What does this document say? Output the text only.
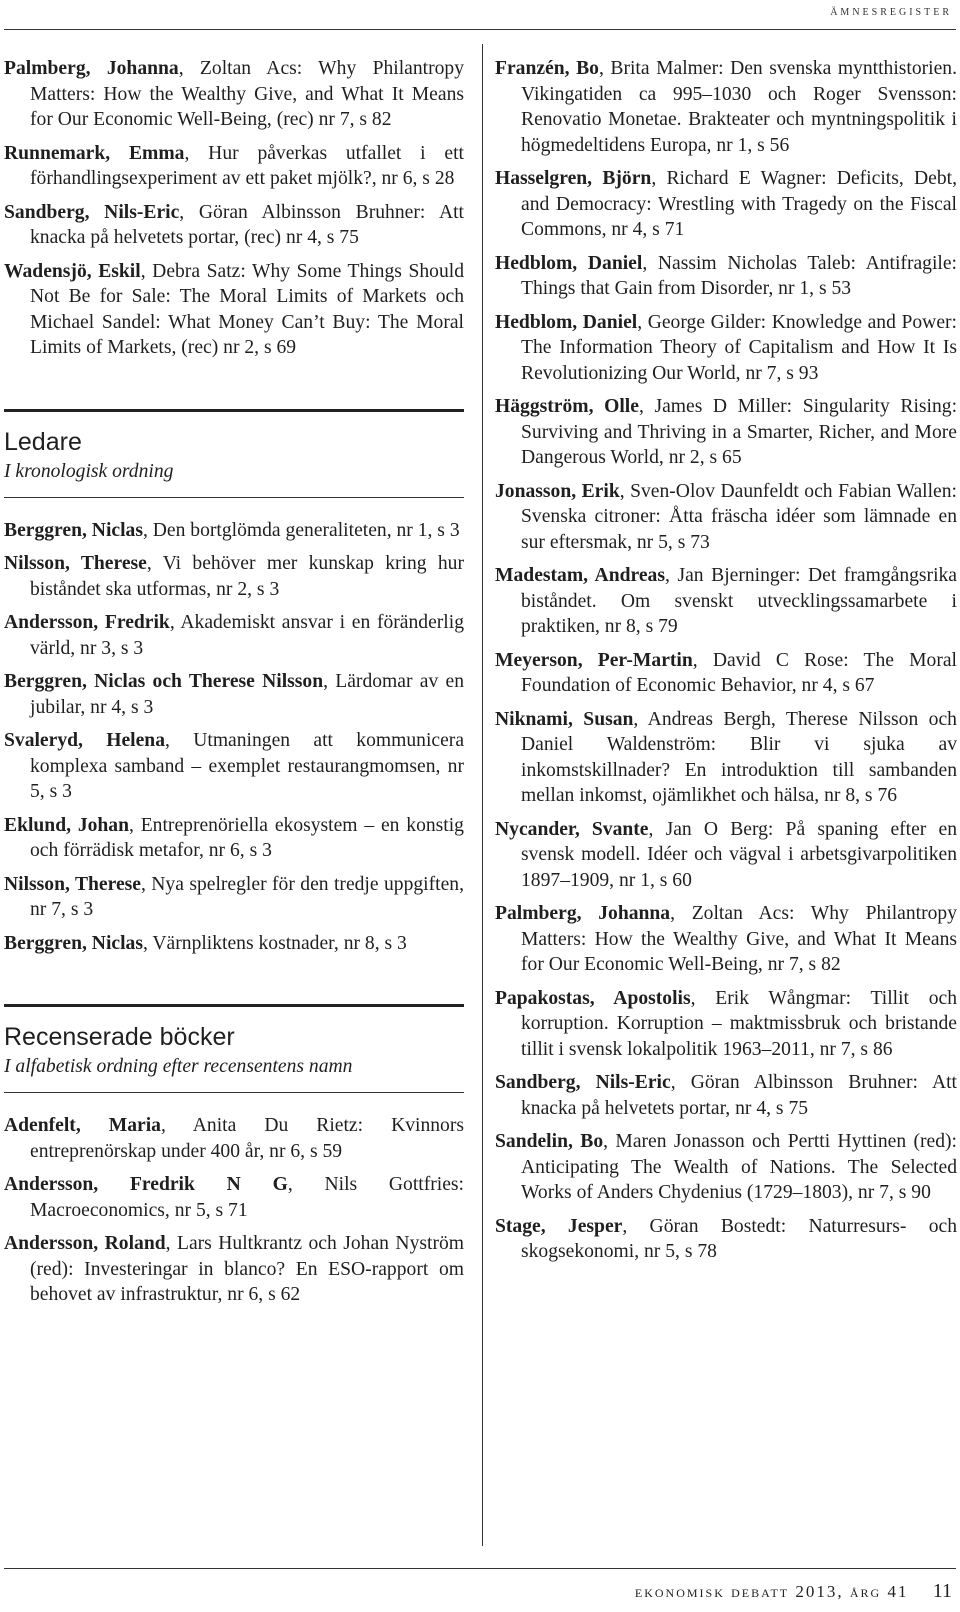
ämnesregister

Palmberg, Johanna, Zoltan Acs: Why Philantropy Matters: How the Wealthy Give, and What It Means for Our Economic Well-Being, (rec) nr 7, s 82

Runnemark, Emma, Hur påverkas utfallet i ett förhandlingsexperiment av ett paket mjölk?, nr 6, s 28

Sandberg, Nils-Eric, Göran Albinsson Bruhner: Att knacka på helvetets portar, (rec) nr 4, s 75

Wadensjö, Eskil, Debra Satz: Why Some Things Should Not Be for Sale: The Moral Limits of Markets och Michael Sandel: What Money Can’t Buy: The Moral Limits of Markets, (rec) nr 2, s 69

Ledare
I kronologisk ordning

Berggren, Niclas, Den bortglömda generaliteten, nr 1, s 3

Nilsson, Therese, Vi behöver mer kunskap kring hur biståndet ska utformas, nr 2, s 3

Andersson, Fredrik, Akademiskt ansvar i en föränderlig värld, nr 3, s 3

Berggren, Niclas och Therese Nilsson, Lärdomar av en jubilar, nr 4, s 3

Svaleryd, Helena, Utmaningen att kommunicera komplexa samband – exemplet restaurangmomsen, nr 5, s 3

Eklund, Johan, Entreprenöriella ekosystem – en konstig och förrädisk metafor, nr 6, s 3

Nilsson, Therese, Nya spelregler för den tredje uppgiften, nr 7, s 3

Berggren, Niclas, Värnpliktens kostnader, nr 8, s 3

Recenserade böcker
I alfabetisk ordning efter recensentens namn

Adenfelt, Maria, Anita Du Rietz: Kvinnors entreprenörskap under 400 år, nr 6, s 59

Andersson, Fredrik N G, Nils Gottfries: Macroeconomics, nr 5, s 71

Andersson, Roland, Lars Hultkrantz och Johan Nyström (red): Investeringar in blanco? En ESO-rapport om behovet av infrastruktur, nr 6, s 62

Franzén, Bo, Brita Malmer: Den svenska myntthistorien. Vikingatiden ca 995–1030 och Roger Svensson: Renovatio Monetae. Brakteater och myntningspolitik i högmedeltidens Europa, nr 1, s 56

Hasselgren, Björn, Richard E Wagner: Deficits, Debt, and Democracy: Wrestling with Tragedy on the Fiscal Commons, nr 4, s 71

Hedblom, Daniel, Nassim Nicholas Taleb: Antifragile: Things that Gain from Disorder, nr 1, s 53

Hedblom, Daniel, George Gilder: Knowledge and Power: The Information Theory of Capitalism and How It Is Revolutionizing Our World, nr 7, s 93

Häggström, Olle, James D Miller: Singularity Rising: Surviving and Thriving in a Smarter, Richer, and More Dangerous World, nr 2, s 65

Jonasson, Erik, Sven-Olov Daunfeldt och Fabian Wallen: Svenska citroner: Åtta fräscha idéer som lämnade en sur eftersmak, nr 5, s 73

Madestam, Andreas, Jan Bjerninger: Det framgångsrika biståndet. Om svenskt utvecklingssamarbete i praktiken, nr 8, s 79

Meyerson, Per-Martin, David C Rose: The Moral Foundation of Economic Behavior, nr 4, s 67

Niknami, Susan, Andreas Bergh, Therese Nilsson och Daniel Waldenström: Blir vi sjuka av inkomstskillnader? En introduktion till sambanden mellan inkomst, ojämlikhet och hälsa, nr 8, s 76

Nycander, Svante, Jan O Berg: På spaning efter en svensk modell. Idéer och vägval i arbetsgivarpolitiken 1897–1909, nr 1, s 60

Palmberg, Johanna, Zoltan Acs: Why Philantropy Matters: How the Wealthy Give, and What It Means for Our Economic Well-Being, nr 7, s 82

Papakostas, Apostolis, Erik Wångmar: Tillit och korruption. Korruption – maktmissbruk och bristande tillit i svensk lokalpolitik 1963–2011, nr 7, s 86

Sandberg, Nils-Eric, Göran Albinsson Bruhner: Att knacka på helvetets portar, nr 4, s 75

Sandelin, Bo, Maren Jonasson och Pertti Hyttinen (red): Anticipating The Wealth of Nations. The Selected Works of Anders Chydenius (1729–1803), nr 7, s 90

Stage, Jesper, Göran Bostedt: Naturresurs- och skogsekonomi, nr 5, s 78

ekonomisk debatt 2013, årg 41 11
